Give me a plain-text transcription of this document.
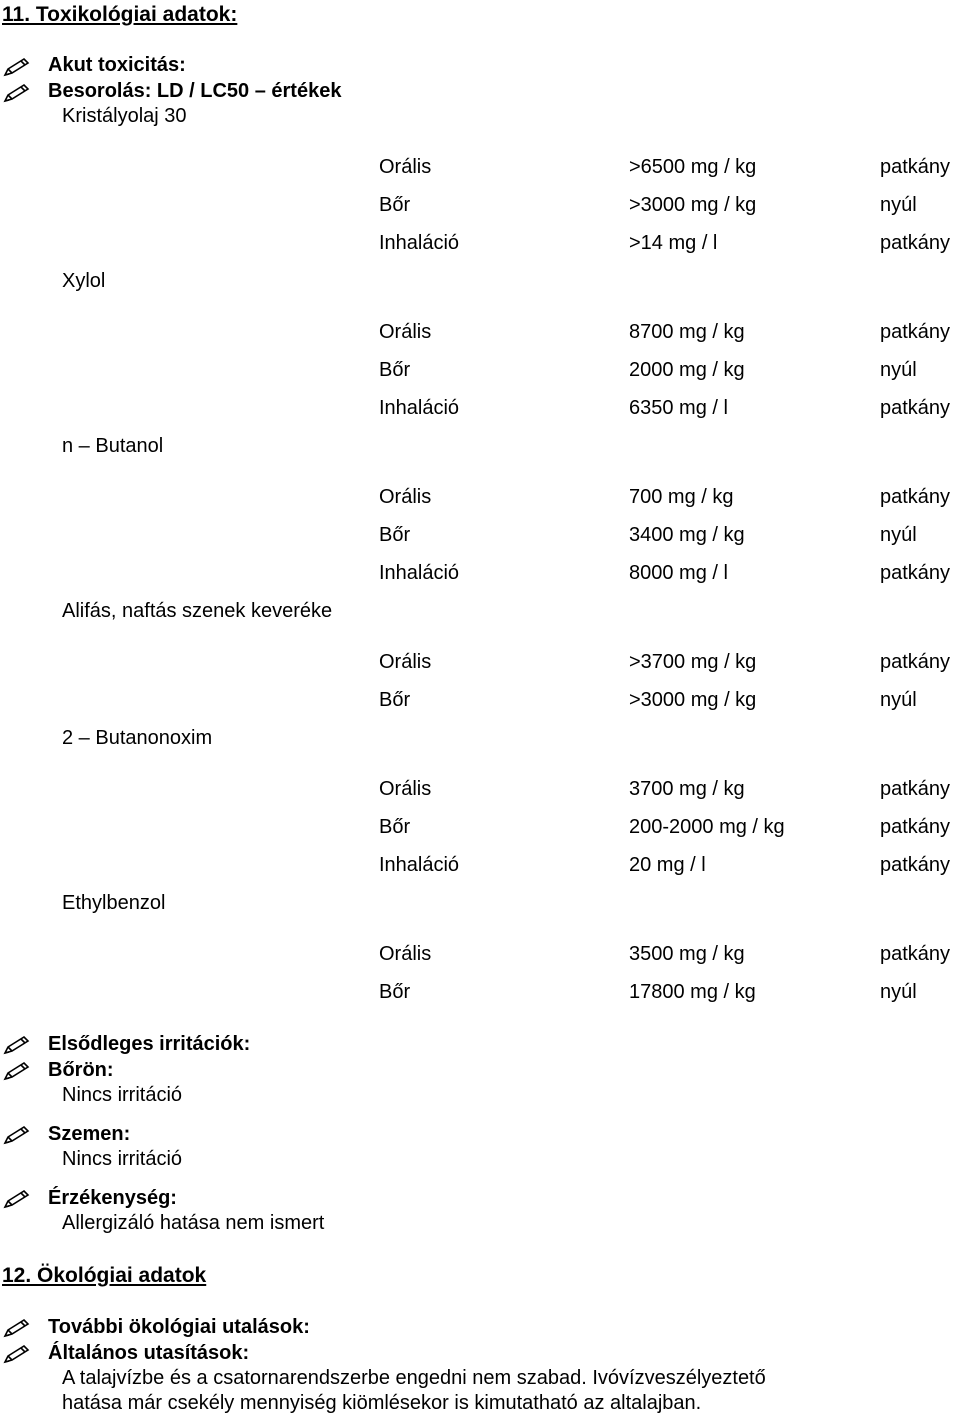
11. Toxikológiai adatok:
Akut toxicitás:
Besorolás: LD / LC50 – értékek
Kristályolaj 30
Orális	>6500 mg / kg	patkány
Bőr	>3000 mg / kg	nyúl
Inhaláció	>14 mg / l	patkány
Xylol
Orális	8700 mg / kg	patkány
Bőr	2000 mg / kg	nyúl
Inhaláció	6350 mg / l	patkány
n – Butanol
Orális	700 mg / kg	patkány
Bőr	3400 mg / kg	nyúl
Inhaláció	8000 mg / l	patkány
Alifás, naftás szenek keveréke
Orális	>3700 mg / kg	patkány
Bőr	>3000 mg / kg	nyúl
2 – Butanonoxim
Orális	3700 mg / kg	patkány
Bőr	200-2000 mg / kg	patkány
Inhaláció	20 mg / l	patkány
Ethylbenzol
Orális	3500 mg / kg	patkány
Bőr	17800 mg / kg	nyúl
Elsődleges irritációk:
Bőrön:
Nincs irritáció
Szemen:
Nincs irritáció
Érzékenység:
Allergizáló hatása nem ismert
12. Ökológiai adatok
További ökológiai utalások:
Általános utasítások:
A talajvízbe és a csatornarendszerbe engedni nem szabad. Ivóvízveszélyeztető
hatása már csekély mennyiség kiömlésekor is kimutatható az altalajban.
